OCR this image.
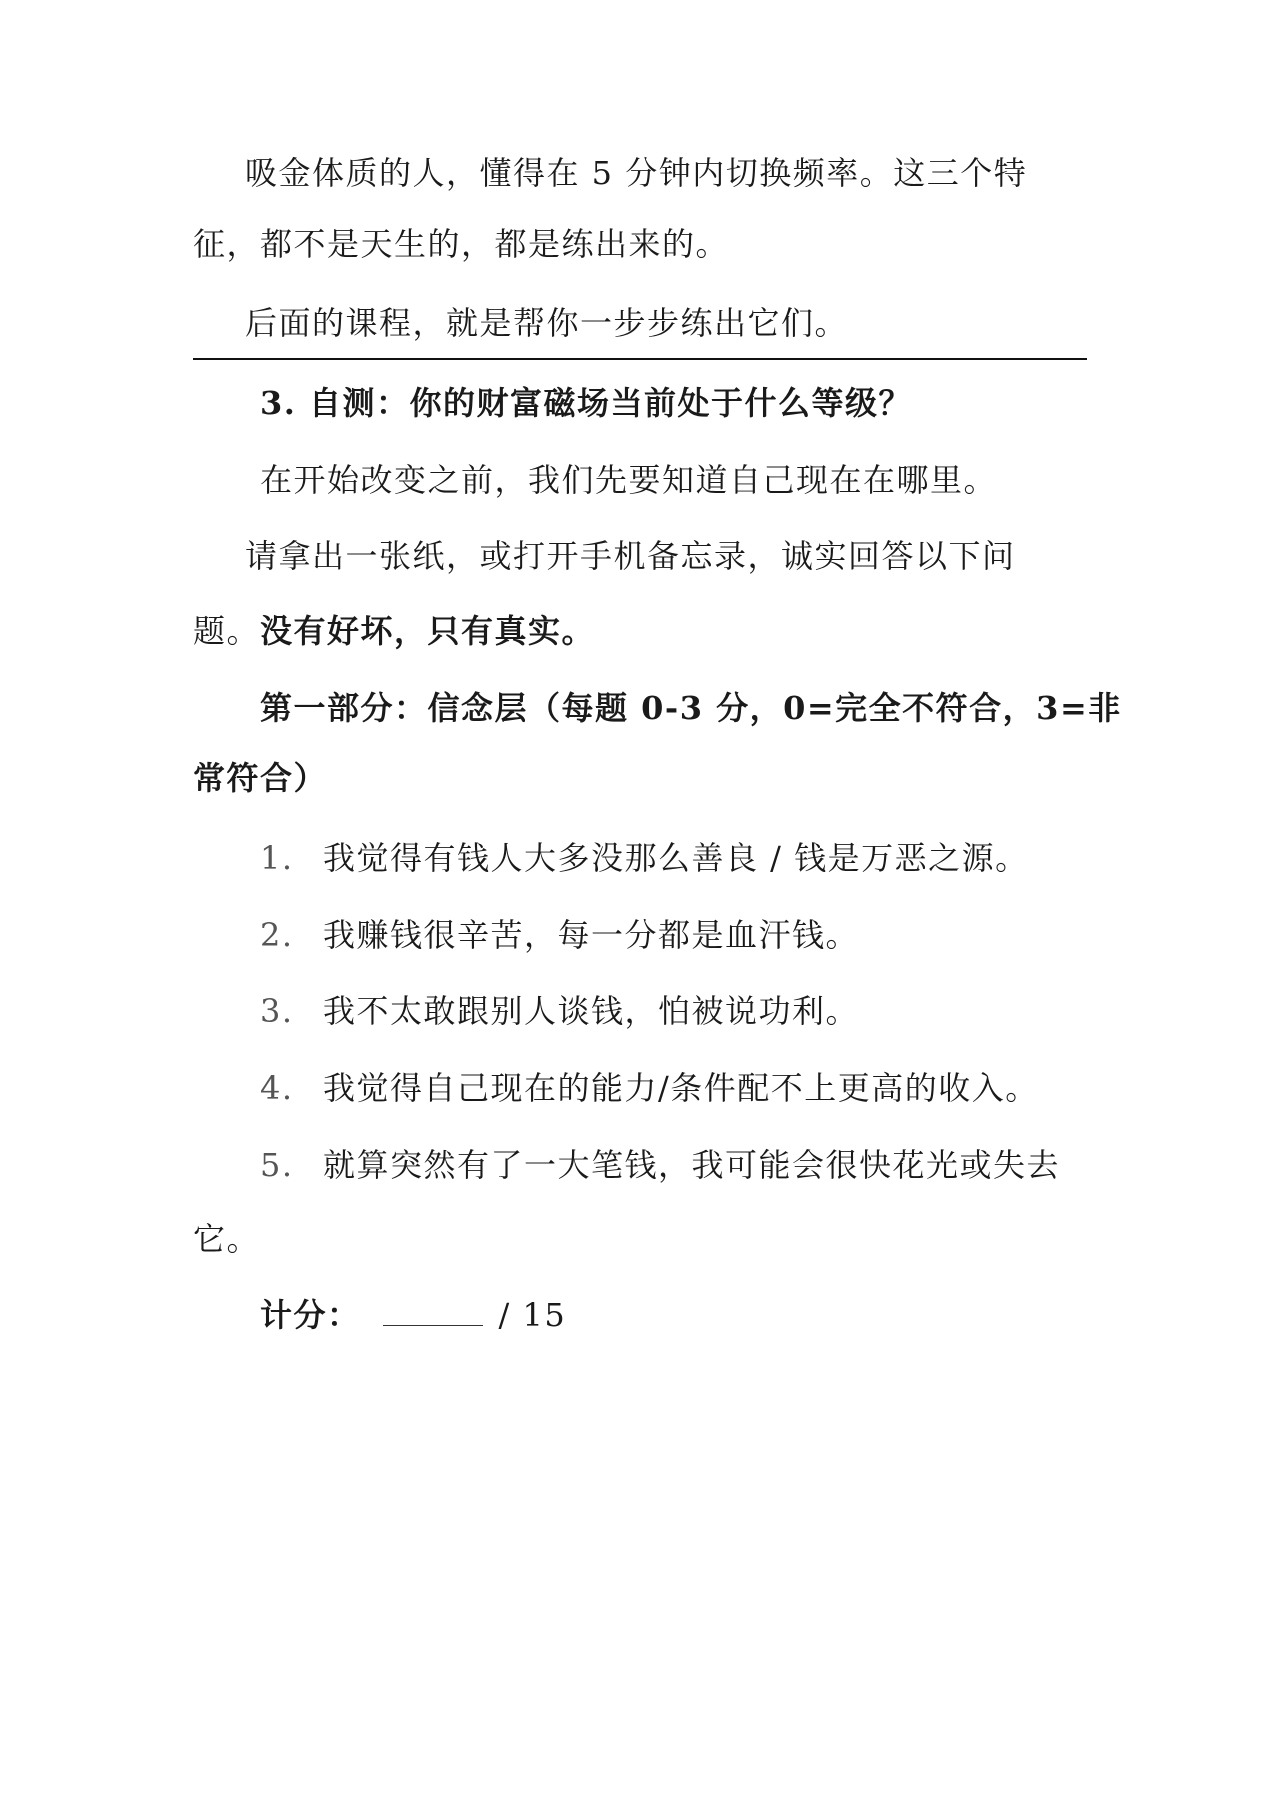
吸金体质的人，懂得在 5 分钟内切换频率。这三个特
征，都不是天生的，都是练出来的。
后面的课程，就是帮你一步步练出它们。
3. 自测：你的财富磁场当前处于什么等级？
在开始改变之前，我们先要知道自己现在在哪里。
请拿出一张纸，或打开手机备忘录，诚实回答以下问
题。没有好坏，只有真实。
第一部分：信念层（每题 0-3 分，0=完全不符合，3=非
常符合）
1. 我觉得有钱人大多没那么善良 / 钱是万恶之源。
2. 我赚钱很辛苦，每一分都是血汗钱。
3. 我不太敢跟别人谈钱，怕被说功利。
4. 我觉得自己现在的能力/条件配不上更高的收入。
5. 就算突然有了一大笔钱，我可能会很快花光或失去
它。
计分：	/ 15
